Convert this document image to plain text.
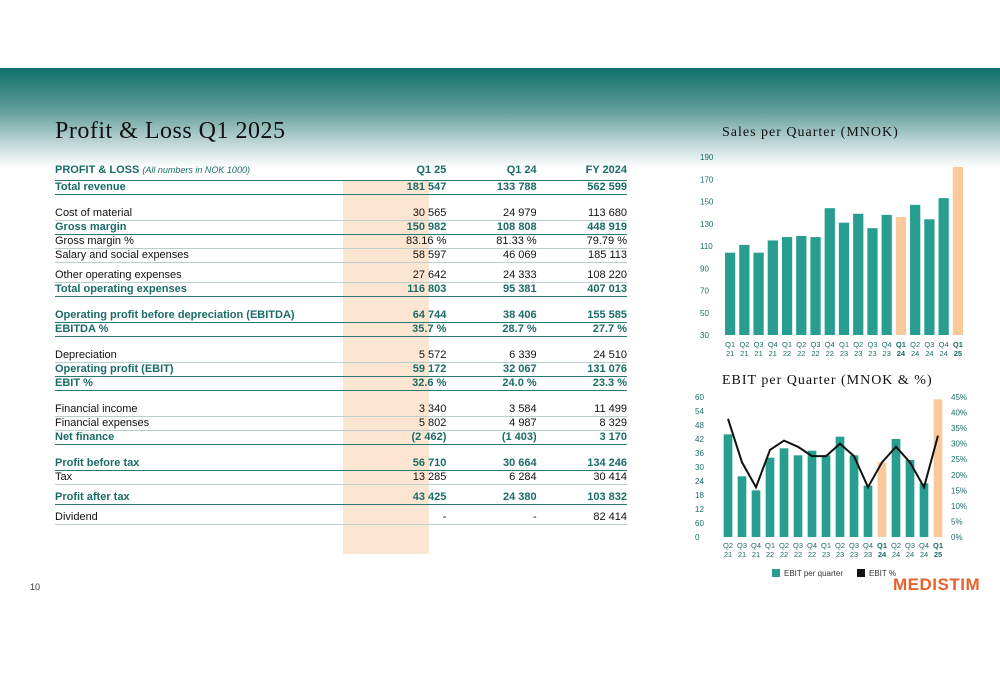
Profit & Loss Q1 2025
PROFIT & LOSS (All numbers in NOK 1000)	Q1 25	Q1 24	FY 2024
Total revenue	181 547	133 788	562 599

Cost of material	30 565	24 979	113 680
Gross margin	150 982	108 808	448 919
Gross margin %	83.16 %	81.33 %	79.79 %
Salary and social expenses	58 597	46 069	185 113

Other operating expenses	27 642	24 333	108 220
Total operating expenses	116 803	95 381	407 013

Operating profit before depreciation (EBITDA)	64 744	38 406	155 585
EBITDA %	35.7 %	28.7 %	27.7 %

Depreciation	5 572	6 339	24 510
Operating profit (EBIT)	59 172	32 067	131 076
EBIT %	32.6 %	24.0 %	23.3 %

Financial income	3 340	3 584	11 499
Financial expenses	5 802	4 987	8 329
Net finance	(2 462)	(1 403)	3 170

Profit before tax	56 710	30 664	134 246
Tax	13 285	6 284	30 414

Profit after tax	43 425	24 380	103 832

Dividend	-	-	82 414
10
Sales per Quarter (MNOK)
30
50
70
90
110
130
150
170
190
Q1
21
Q2
21
Q3
21
Q4
21
Q1
22
Q2
22
Q3
22
Q4
22
Q1
23
Q2
23
Q3
23
Q4
23
Q1
24
Q2
24
Q3
24
Q4
24
Q1
25
EBIT per Quarter (MNOK & %)
0
60
12
18
24
30
36
42
48
54
60
0%
5%
10%
15%
20%
25%
30%
35%
40%
45%
Q2
21
Q3
21
Q4
21
Q1
22
Q2
22
Q3
22
Q4
22
Q1
23
Q2
23
Q3
23
Q4
23
Q1
24
Q2
24
Q3
24
Q4
24
Q1
25
EBIT per quarter	EBIT %
MEDISTIM
